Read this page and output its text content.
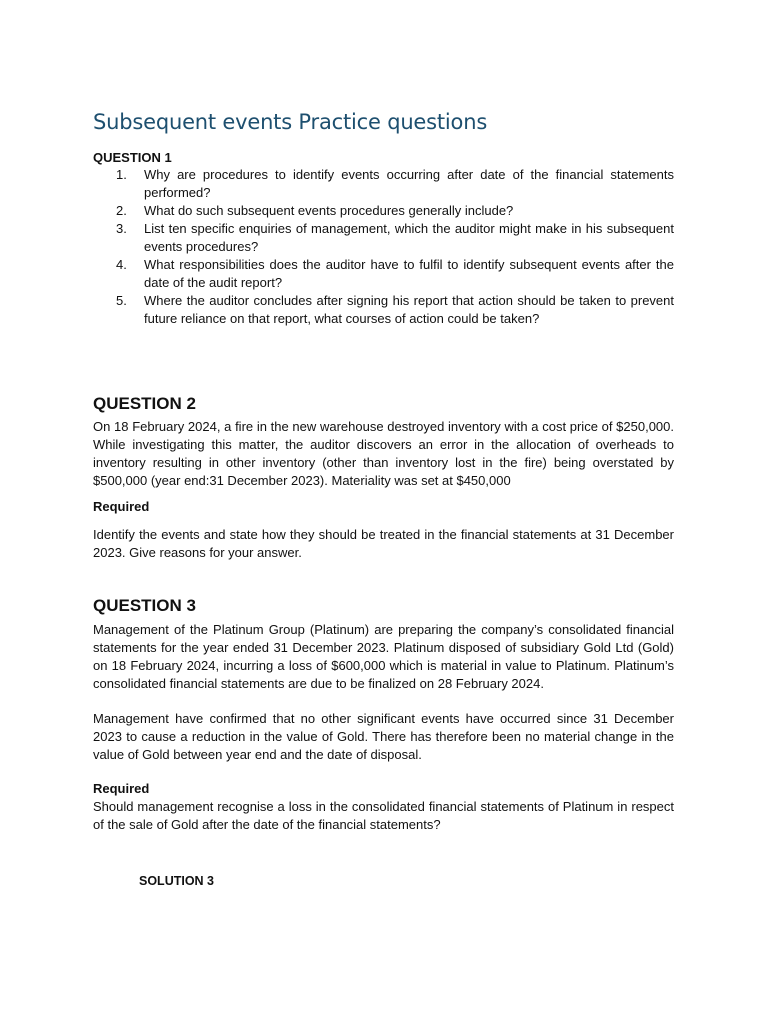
Subsequent events Practice questions
QUESTION 1
1.	Why are procedures to identify events occurring after date of the financial statements performed?
2.	What do such subsequent events procedures generally include?
3.	List ten specific enquiries of management, which the auditor might make in his subsequent events procedures?
4.	What responsibilities does the auditor have to fulfil to identify subsequent events after the date of the audit report?
5.	Where the auditor concludes after signing his report that action should be taken to prevent future reliance on that report, what courses of action could be taken?
QUESTION 2

On 18 February 2024, a fire in the new warehouse destroyed inventory with a cost price of $250,000. While investigating this matter, the auditor discovers an error in the allocation of overheads to inventory resulting in other inventory (other than inventory lost in the fire) being overstated by $500,000 (year end:31 December 2023). Materiality was set at $450,000

Required

Identify the events and state how they should be treated in the financial statements at 31 December 2023. Give reasons for your answer.

QUESTION 3

Management of the Platinum Group (Platinum) are preparing the company’s consolidated financial statements for the year ended 31 December 2023. Platinum disposed of subsidiary Gold Ltd (Gold) on 18 February 2024, incurring a loss of $600,000 which is material in value to Platinum. Platinum’s consolidated financial statements are due to be finalized on 28 February 2024.

Management have confirmed that no other significant events have occurred since 31 December 2023 to cause a reduction in the value of Gold. There has therefore been no material change in the value of Gold between year end and the date of disposal.

Required

Should management recognise a loss in the consolidated financial statements of Platinum in respect of the sale of Gold after the date of the financial statements?

SOLUTION 3
